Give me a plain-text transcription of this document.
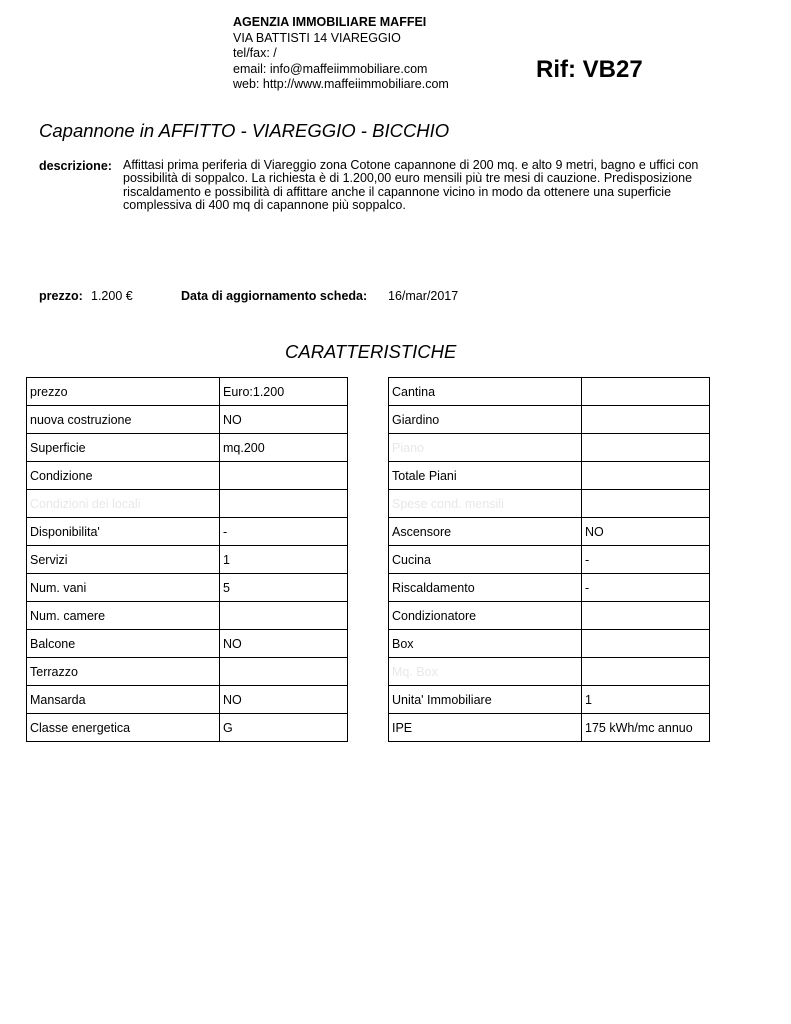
AGENZIA IMMOBILIARE MAFFEI
VIA BATTISTI 14 VIAREGGIO
tel/fax: /
email: info@maffeiimmobiliare.com
web: http://www.maffeiimmobiliare.com
Rif: VB27
Capannone in AFFITTO - VIAREGGIO - BICCHIO
descrizione: Affittasi prima periferia di Viareggio zona Cotone capannone di 200 mq. e alto 9 metri, bagno e uffici con possibilità di soppalco. La richiesta è di 1.200,00 euro mensili più tre mesi di cauzione. Predisposizione riscaldamento e possibilità di affittare anche il capannone vicino in modo da ottenere una superficie complessiva di 400 mq di capannone più soppalco.
prezzo: 1.200 €	Data di aggiornamento scheda: 16/mar/2017
CARATTERISTICHE
prezzo	Euro:1.200
nuova costruzione	NO
Superficie	mq.200
Condizione	
Condizioni dei locali	
Disponibilita'	-
Servizi	1
Num. vani	5
Num. camere	
Balcone	NO
Terrazzo	
Mansarda	NO
Classe energetica	G
Cantina	
Giardino	
Piano	
Totale Piani	
Spese cond. mensili	
Ascensore	NO
Cucina	-
Riscaldamento	-
Condizionatore	
Box	
Mq. Box	
Unita' Immobiliare	1
IPE	175 kWh/mc annuo
